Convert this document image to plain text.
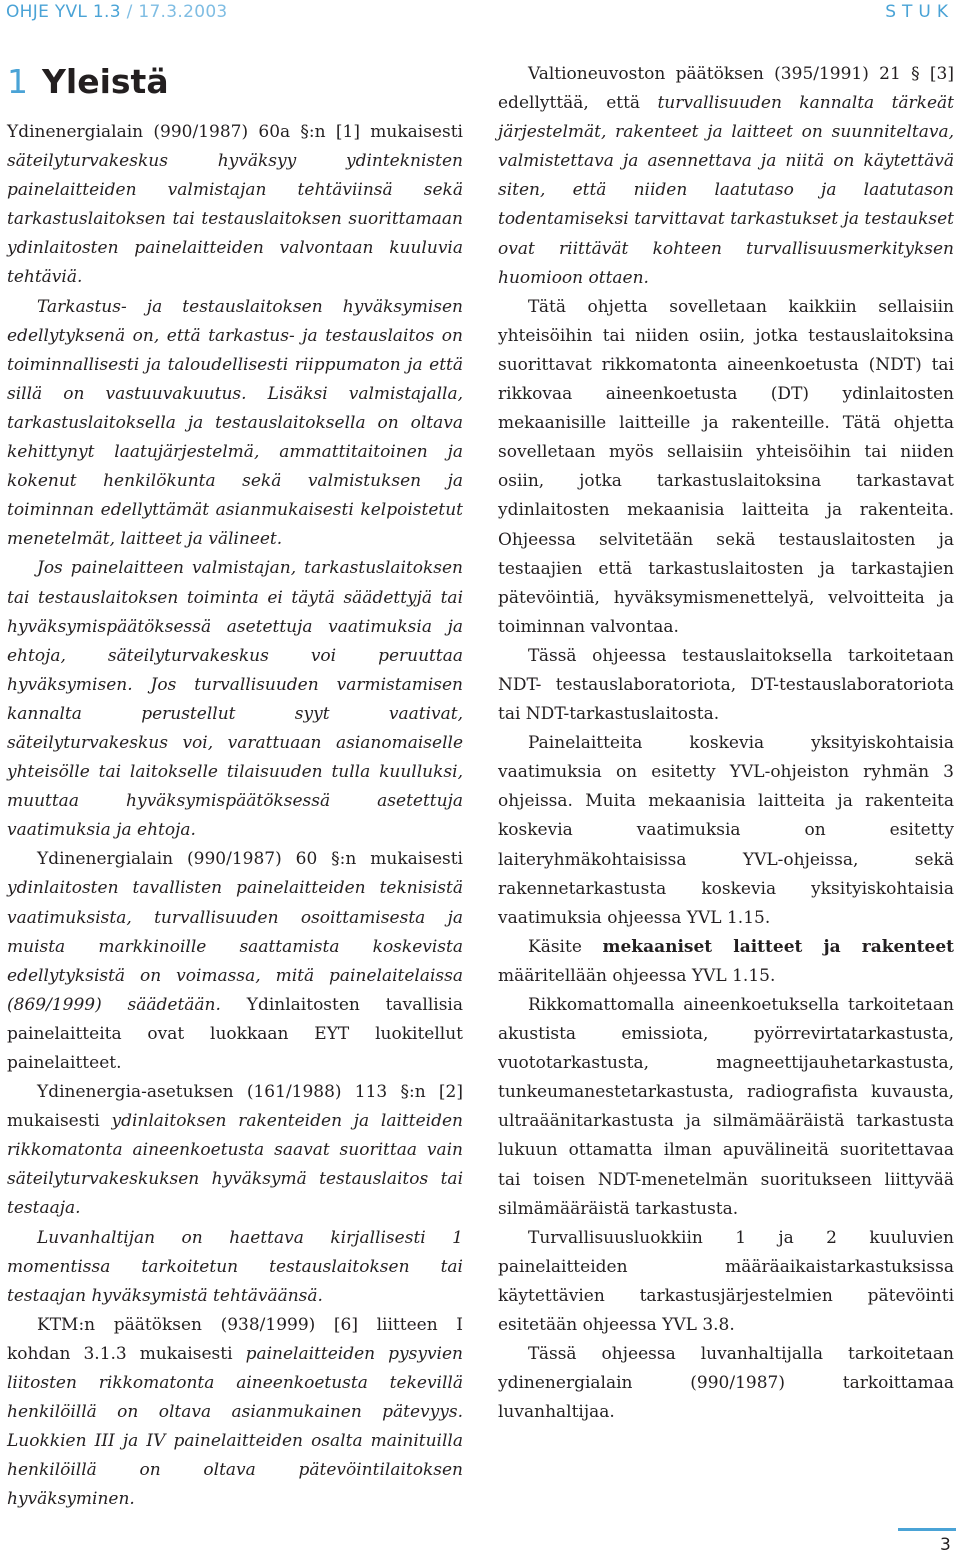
OHJE YVL 1.3 / 17.3.2003	STUK
1 Yleistä

Ydinenergialain (990/1987) 60a §:n [1] mukaisesti säteilyturvakeskus hyväksyy ydinteknisten painelaitteiden valmistajan tehtäviinsä sekä tarkastuslaitoksen tai testauslaitoksen suorittamaan ydinlaitosten painelaitteiden valvontaan kuuluvia tehtäviä.

Tarkastus- ja testauslaitoksen hyväksymisen edellytyksenä on, että tarkastus- ja testauslaitos on toiminnallisesti ja taloudellisesti riippumaton ja että sillä on vastuuvakuutus. Lisäksi valmistajalla, tarkastuslaitoksella ja testauslaitoksella on oltava kehittynyt laatujärjestelmä, ammattitaitoinen ja kokenut henkilökunta sekä valmistuksen ja toiminnan edellyttämät asianmukaisesti kelpoistetut menetelmät, laitteet ja välineet.

Jos painelaitteen valmistajan, tarkastuslaitoksen tai testauslaitoksen toiminta ei täytä säädettyjä tai hyväksymispäätöksessä asetettuja vaatimuksia ja ehtoja, säteilyturvakeskus voi peruuttaa hyväksymisen. Jos turvallisuuden varmistamisen kannalta perustellut syyt vaativat, säteilyturvakeskus voi, varattuaan asianomaiselle yhteisölle tai laitokselle tilaisuuden tulla kuulluksi, muuttaa hyväksymispäätöksessä asetettuja vaatimuksia ja ehtoja.

Ydinenergialain (990/1987) 60 §:n mukaisesti ydinlaitosten tavallisten painelaitteiden teknisistä vaatimuksista, turvallisuuden osoittamisesta ja muista markkinoille saattamista koskevista edellytyksistä on voimassa, mitä painelaitelaissa (869/1999) säädetään. Ydinlaitosten tavallisia painelaitteita ovat luokkaan EYT luokitellut painelaitteet.

Ydinenergia-asetuksen (161/1988) 113 §:n [2] mukaisesti ydinlaitoksen rakenteiden ja laitteiden rikkomatonta aineenkoetusta saavat suorittaa vain säteilyturvakeskuksen hyväksymä testauslaitos tai testaaja.

Luvanhaltijan on haettava kirjallisesti 1 momentissa tarkoitetun testauslaitoksen tai testaajan hyväksymistä tehtäväänsä.

KTM:n päätöksen (938/1999) [6] liitteen I kohdan 3.1.3 mukaisesti painelaitteiden pysyvien liitosten rikkomatonta aineenkoetusta tekevillä henkilöillä on oltava asianmukainen pätevyys. Luokkien III ja IV painelaitteiden osalta mainituilla henkilöillä on oltava pätevöintilaitoksen hyväksyminen.

Valtioneuvoston päätöksen (395/1991) 21 § [3] edellyttää, että turvallisuuden kannalta tärkeät järjestelmät, rakenteet ja laitteet on suunniteltava, valmistettava ja asennettava ja niitä on käytettävä siten, että niiden laatutaso ja laatutason todentamiseksi tarvittavat tarkastukset ja testaukset ovat riittävät kohteen turvallisuusmerkityksen huomioon ottaen.

Tätä ohjetta sovelletaan kaikkiin sellaisiin yhteisöihin tai niiden osiin, jotka testauslaitoksina suorittavat rikkomatonta aineenkoetusta (NDT) tai rikkovaa aineenkoetusta (DT) ydinlaitosten mekaanisille laitteille ja rakenteille. Tätä ohjetta sovelletaan myös sellaisiin yhteisöihin tai niiden osiin, jotka tarkastuslaitoksina tarkastavat ydinlaitosten mekaanisia laitteita ja rakenteita. Ohjeessa selvitetään sekä testauslaitosten ja testaajien että tarkastuslaitosten ja tarkastajien pätevöintiä, hyväksymismenettelyä, velvoitteita ja toiminnan valvontaa.

Tässä ohjeessa testauslaitoksella tarkoitetaan NDT- testauslaboratoriota, DT-testauslaboratoriota tai NDT-tarkastuslaitosta.

Painelaitteita koskevia yksityiskohtaisia vaatimuksia on esitetty YVL-ohjeiston ryhmän 3 ohjeissa. Muita mekaanisia laitteita ja rakenteita koskevia vaatimuksia on esitetty laiteryhmäkohtaisissa YVL-ohjeissa, sekä rakennetarkastusta koskevia yksityiskohtaisia vaatimuksia ohjeessa YVL 1.15.

Käsite mekaaniset laitteet ja rakenteet määritellään ohjeessa YVL 1.15.

Rikkomattomalla aineenkoetuksella tarkoitetaan akustista emissiota, pyörrevirtatarkastusta, vuototarkastusta, magneettijauhetarkastusta, tunkeumanestetarkastusta, radiografista kuvausta, ultraäänitarkastusta ja silmämääräistä tarkastusta lukuun ottamatta ilman apuvälineitä suoritettavaa tai toisen NDT-menetelmän suoritukseen liittyvää silmämääräistä tarkastusta.

Turvallisuusluokkiin 1 ja 2 kuuluvien painelaitteiden määräaikaistarkastuksissa käytettävien tarkastusjärjestelmien pätevöinti esitetään ohjeessa YVL 3.8.

Tässä ohjeessa luvanhaltijalla tarkoitetaan ydinenergialain (990/1987) tarkoittamaa luvanhaltijaa.

3
